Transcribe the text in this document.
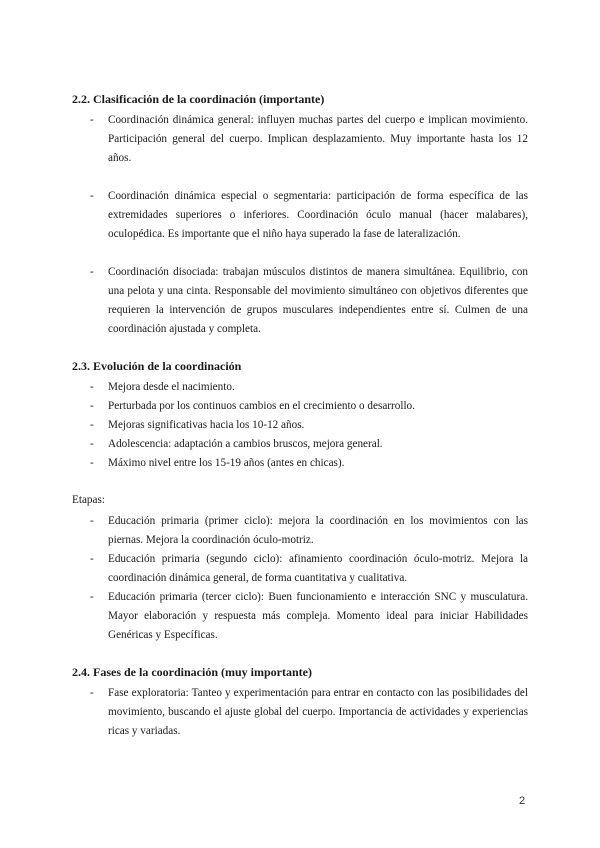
2.2. Clasificación de la coordinación (importante)
- Coordinación dinámica general: influyen muchas partes del cuerpo e implican movimiento. Participación general del cuerpo. Implican desplazamiento. Muy importante hasta los 12 años.
- Coordinación dinámica especial o segmentaria: participación de forma específica de las extremidades superiores o inferiores. Coordinación óculo manual (hacer malabares), oculopédica. Es importante que el niño haya superado la fase de lateralización.
- Coordinación disociada: trabajan músculos distintos de manera simultánea. Equilibrio, con una pelota y una cinta. Responsable del movimiento simultáneo con objetivos diferentes que requieren la intervención de grupos musculares independientes entre sí. Culmen de una coordinación ajustada y completa.
2.3. Evolución de la coordinación
- Mejora desde el nacimiento.
- Perturbada por los continuos cambios en el crecimiento o desarrollo.
- Mejoras significativas hacia los 10-12 años.
- Adolescencia: adaptación a cambios bruscos, mejora general.
- Máximo nivel entre los 15-19 años (antes en chicas).

Etapas:

- Educación primaria (primer ciclo): mejora la coordinación en los movimientos con las piernas. Mejora la coordinación óculo-motriz.
- Educación primaria (segundo ciclo): afinamiento coordinación óculo-motriz. Mejora la coordinación dinámica general, de forma cuantitativa y cualitativa.
- Educación primaria (tercer ciclo): Buen funcionamiento e interacción SNC y musculatura. Mayor elaboración y respuesta más compleja. Momento ideal para iniciar Habilidades Genéricas y Específicas.
2.4. Fases de la coordinación (muy importante)
- Fase exploratoria: Tanteo y experimentación para entrar en contacto con las posibilidades del movimiento, buscando el ajuste global del cuerpo. Importancia de actividades y experiencias ricas y variadas.
2
